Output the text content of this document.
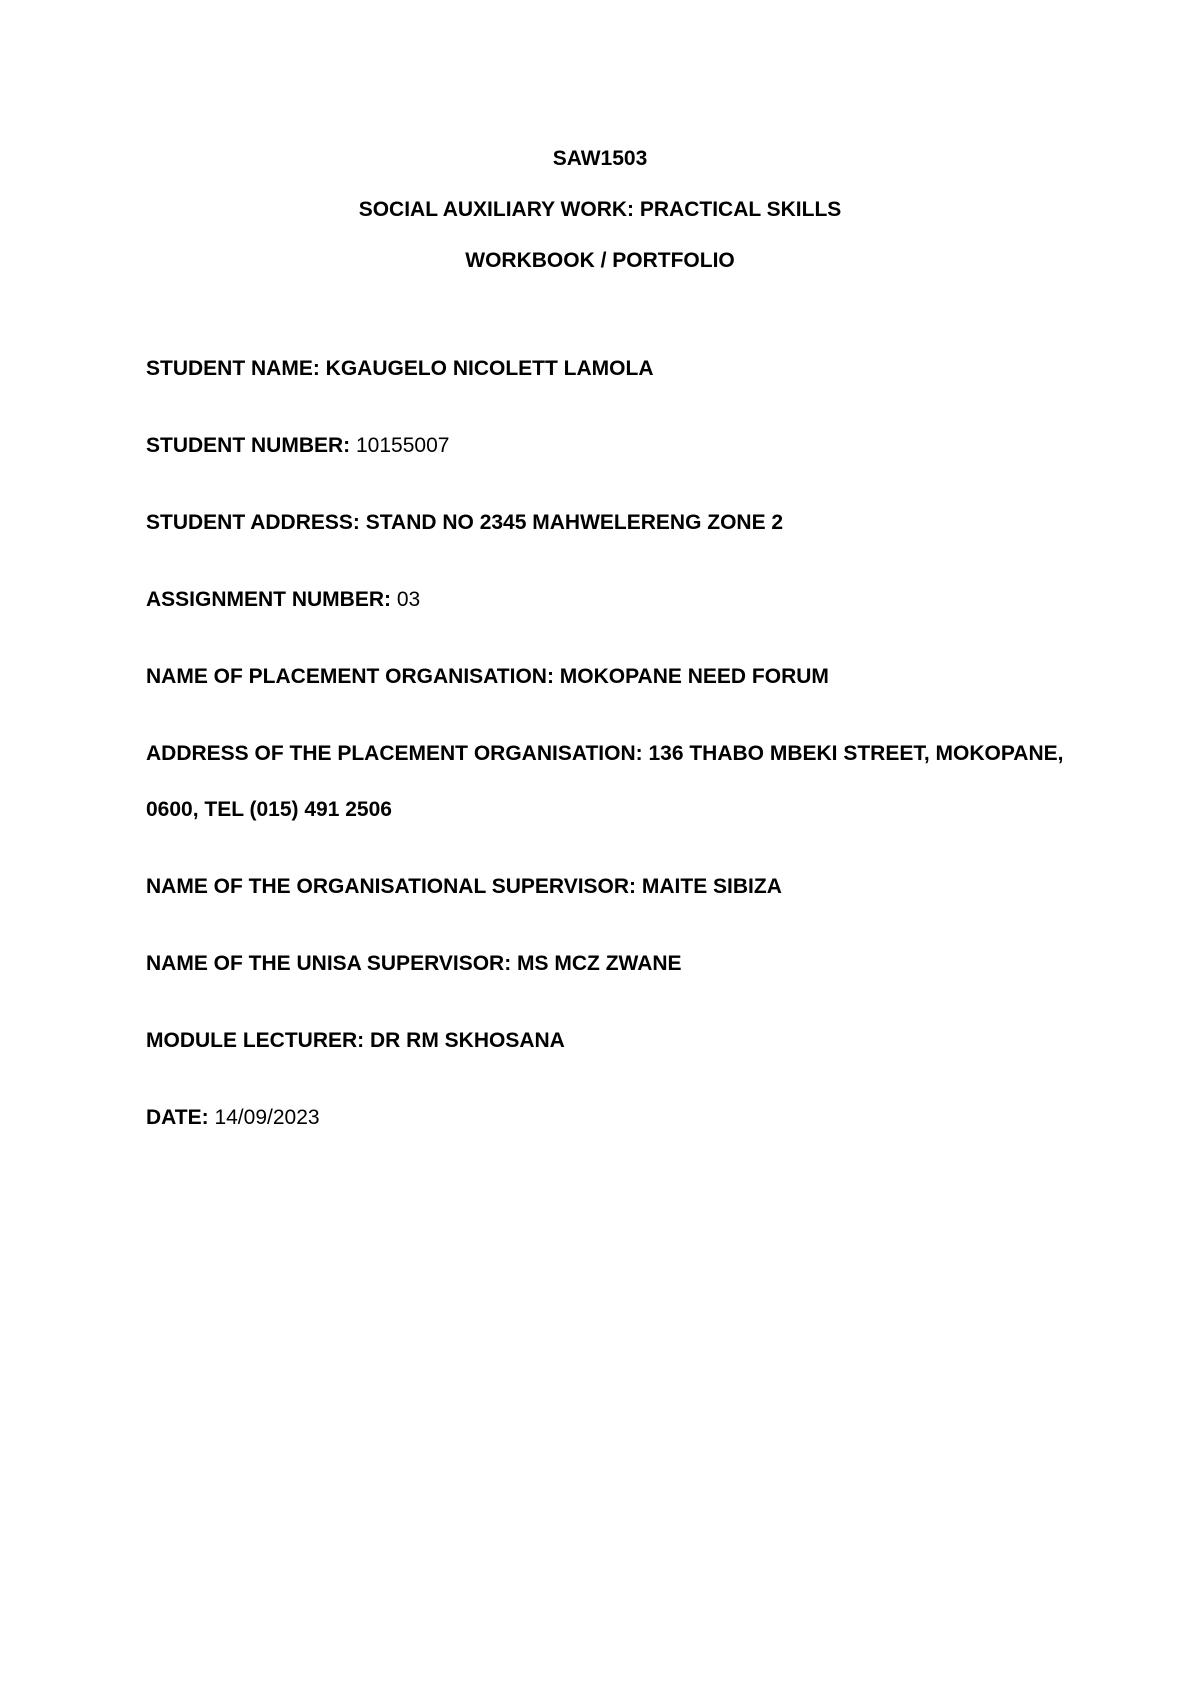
SAW1503
SOCIAL AUXILIARY WORK: PRACTICAL SKILLS
WORKBOOK / PORTFOLIO
STUDENT NAME: KGAUGELO NICOLETT LAMOLA
STUDENT NUMBER: 10155007
STUDENT ADDRESS: STAND NO 2345 MAHWELERENG ZONE 2
ASSIGNMENT NUMBER: 03
NAME OF PLACEMENT ORGANISATION: MOKOPANE NEED FORUM
ADDRESS OF THE PLACEMENT ORGANISATION: 136 THABO MBEKI STREET, MOKOPANE, 0600, TEL (015) 491 2506
NAME OF THE ORGANISATIONAL SUPERVISOR: MAITE SIBIZA
NAME OF THE UNISA SUPERVISOR: MS MCZ ZWANE
MODULE LECTURER: DR RM SKHOSANA
DATE: 14/09/2023
